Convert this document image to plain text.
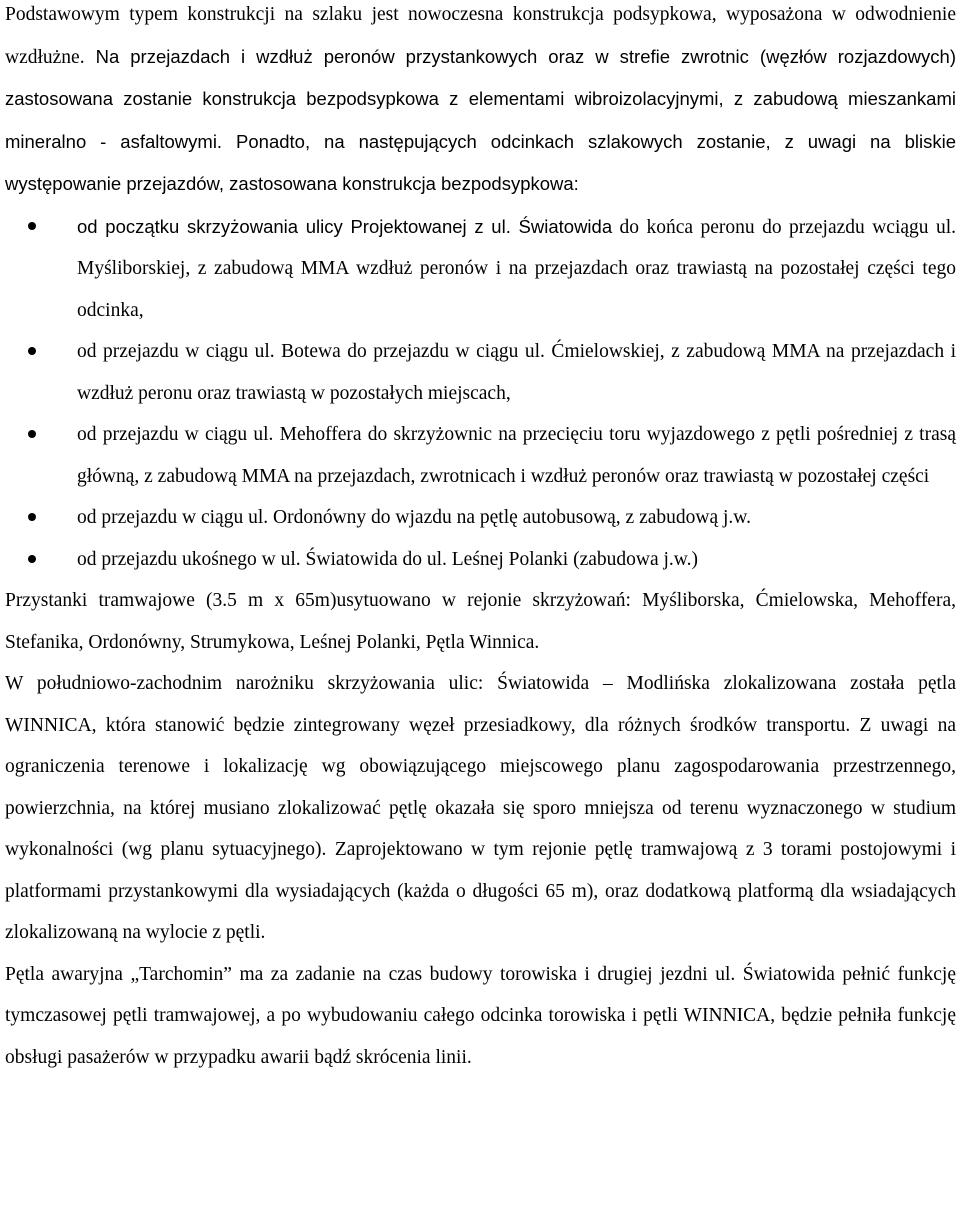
Podstawowym typem konstrukcji na szlaku jest nowoczesna konstrukcja podsypkowa, wyposażona w odwodnienie wzdłużne. Na przejazdach i wzdłuż peronów przystankowych oraz w strefie zwrotnic (węzłów rozjazdowych) zastosowana zostanie konstrukcja bezpodsypkowa z elementami wibroizolacyjnymi, z zabudową mieszankami mineralno - asfaltowymi. Ponadto, na następujących odcinkach szlakowych zostanie, z uwagi na bliskie występowanie przejazdów, zastosowana konstrukcja bezpodsypkowa:

od początku skrzyżowania ulicy Projektowanej z ul. Światowida do końca peronu do przejazdu wciągu ul. Myśliborskiej, z zabudową MMA wzdłuż peronów i na przejazdach oraz trawiastą na pozostałej części tego odcinka,
od przejazdu w ciągu ul. Botewa do przejazdu w ciągu ul. Ćmielowskiej, z zabudową MMA na przejazdach i wzdłuż peronu oraz trawiastą w pozostałych miejscach,
od przejazdu w ciągu ul. Mehoffera do skrzyżownic na przecięciu toru wyjazdowego z pętli pośredniej z trasą główną, z zabudową MMA na przejazdach, zwrotnicach i wzdłuż peronów oraz trawiastą w pozostałej części
od przejazdu w ciągu ul. Ordonówny do wjazdu na pętlę autobusową, z zabudową j.w.
od przejazdu ukośnego w ul. Światowida do ul. Leśnej Polanki (zabudowa j.w.)

Przystanki tramwajowe (3.5 m x 65m)usytuowano w rejonie skrzyżowań: Myśliborska, Ćmielowska, Mehoffera, Stefanika, Ordonówny, Strumykowa, Leśnej Polanki, Pętla Winnica.

W południowo-zachodnim narożniku skrzyżowania ulic: Światowida – Modlińska zlokalizowana została pętla WINNICA, która stanowić będzie zintegrowany węzeł przesiadkowy, dla różnych środków transportu. Z uwagi na ograniczenia terenowe i lokalizację wg obowiązującego miejscowego planu zagospodarowania przestrzennego, powierzchnia, na której musiano zlokalizować pętlę okazała się sporo mniejsza od terenu wyznaczonego w studium wykonalności (wg planu sytuacyjnego). Zaprojektowano w tym rejonie pętlę tramwajową z 3 torami postojowymi i platformami przystankowymi dla wysiadających (każda o długości 65 m), oraz dodatkową platformą dla wsiadających zlokalizowaną na wylocie z pętli.

Pętla awaryjna „Tarchomin” ma za zadanie na czas budowy torowiska i drugiej jezdni ul. Światowida pełnić funkcję tymczasowej pętli tramwajowej, a po wybudowaniu całego odcinka torowiska i pętli WINNICA, będzie pełniła funkcję obsługi pasażerów w przypadku awarii bądź skrócenia linii.
